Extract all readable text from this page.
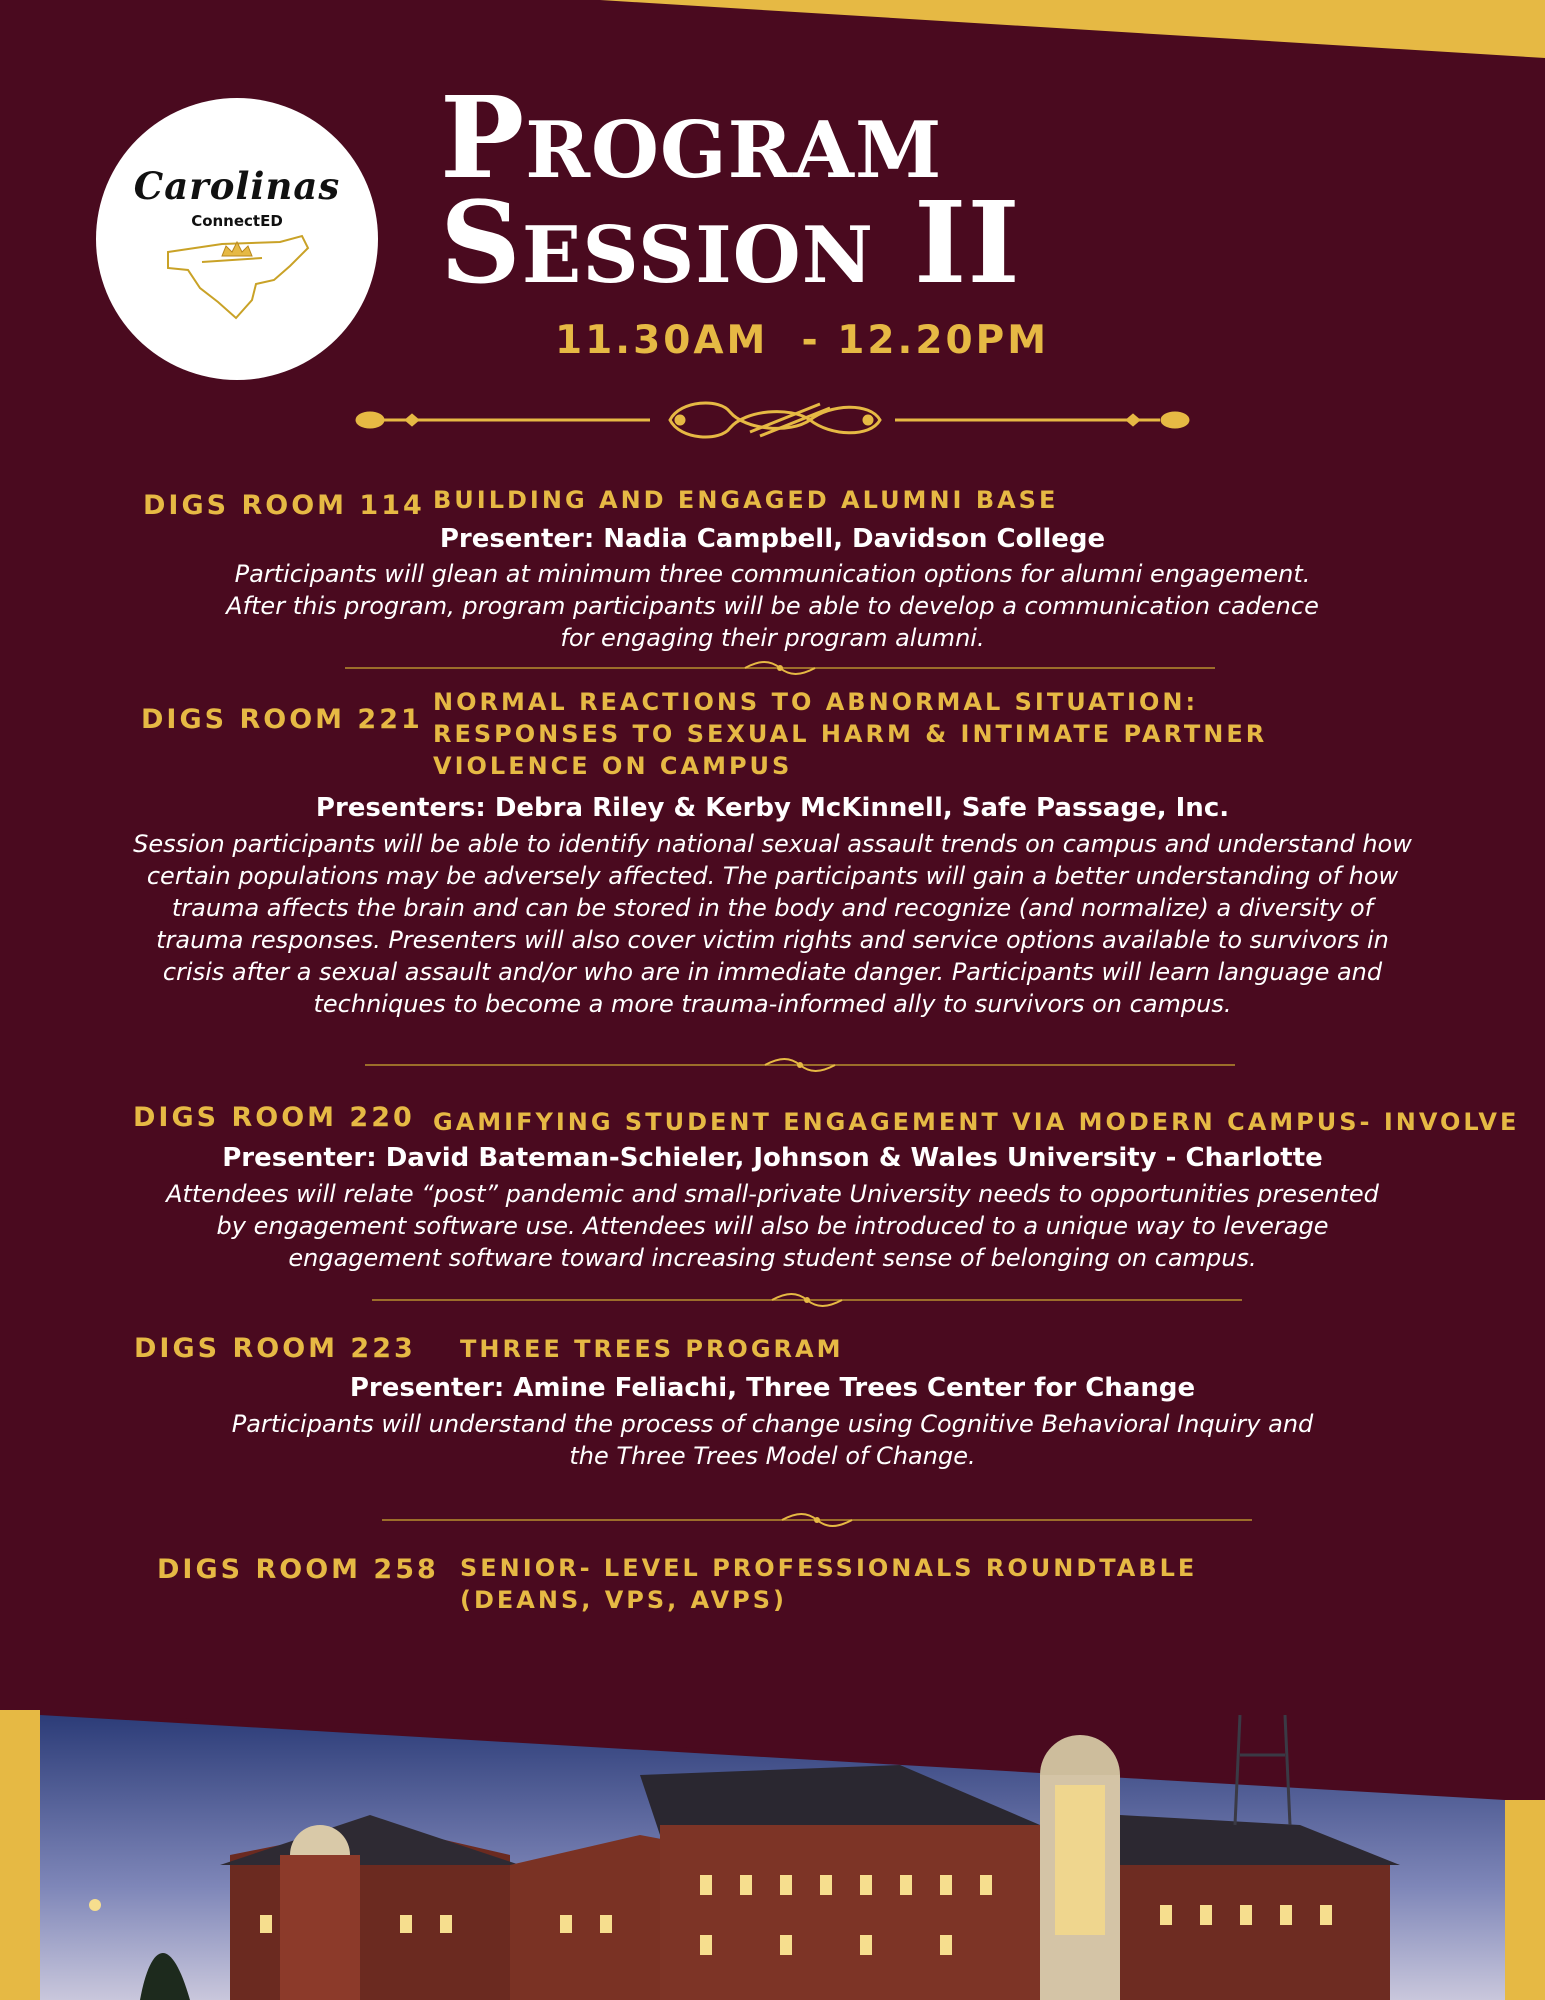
Carolinas
ConnectED
Program
Session II
11.30AM  - 12.20PM
DIGS ROOM 114 BUILDING AND ENGAGED ALUMNI BASE
Presenter: Nadia Campbell, Davidson College
Participants will glean at minimum three communication options for alumni engagement.
After this program, program participants will be able to develop a communication cadence
for engaging their program alumni.
DIGS ROOM 221
NORMAL REACTIONS TO ABNORMAL SITUATION:
RESPONSES TO SEXUAL HARM & INTIMATE PARTNER
VIOLENCE ON CAMPUS
Presenters: Debra Riley & Kerby McKinnell, Safe Passage, Inc.
Session participants will be able to identify national sexual assault trends on campus and understand how
certain populations may be adversely affected. The participants will gain a better understanding of how
trauma affects the brain and can be stored in the body and recognize (and normalize) a diversity of
trauma responses. Presenters will also cover victim rights and service options available to survivors in
crisis after a sexual assault and/or who are in immediate danger. Participants will learn language and
techniques to become a more trauma-informed ally to survivors on campus.
DIGS ROOM 220 GAMIFYING STUDENT ENGAGEMENT VIA MODERN CAMPUS- INVOLVE
Presenter: David Bateman-Schieler, Johnson & Wales University - Charlotte
Attendees will relate “post” pandemic and small-private University needs to opportunities presented
by engagement software use. Attendees will also be introduced to a unique way to leverage
engagement software toward increasing student sense of belonging on campus.
DIGS ROOM 223 THREE TREES PROGRAM
Presenter: Amine Feliachi, Three Trees Center for Change
Participants will understand the process of change using Cognitive Behavioral Inquiry and
the Three Trees Model of Change.
DIGS ROOM 258 SENIOR- LEVEL PROFESSIONALS ROUNDTABLE
(DEANS, VPS, AVPS)
